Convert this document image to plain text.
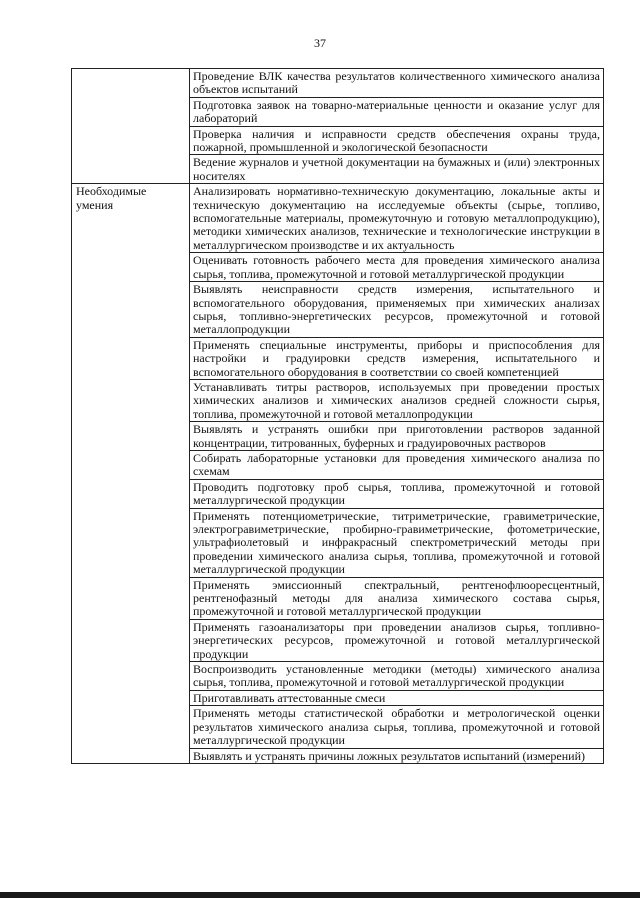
37
	Проведение ВЛК качества результатов количественного химического анализа объектов испытаний
	Подготовка заявок на товарно-материальные ценности и оказание услуг для лабораторий
	Проверка наличия и исправности средств обеспечения охраны труда, пожарной, промышленной и экологической безопасности
	Ведение журналов и учетной документации на бумажных и (или) электронных носителях
Необходимые умения	Анализировать нормативно-техническую документацию, локальные акты и техническую документацию на исследуемые объекты (сырье, топливо, вспомогательные материалы, промежуточную и готовую металлопродукцию), методики химических анализов, технические и технологические инструкции в металлургическом производстве и их актуальность
	Оценивать готовность рабочего места для проведения химического анализа сырья, топлива, промежуточной и готовой металлургической продукции
	Выявлять неисправности средств измерения, испытательного и вспомогательного оборудования, применяемых при химических анализах сырья, топливно-энергетических ресурсов, промежуточной и готовой металлопродукции
	Применять специальные инструменты, приборы и приспособления для настройки и градуировки средств измерения, испытательного и вспомогательного оборудования в соответствии со своей компетенцией
	Устанавливать титры растворов, используемых при проведении простых химических анализов и химических анализов средней сложности сырья, топлива, промежуточной и готовой металлопродукции
	Выявлять и устранять ошибки при приготовлении растворов заданной концентрации, титрованных, буферных и градуировочных растворов
	Собирать лабораторные установки для проведения химического анализа по схемам
	Проводить подготовку проб сырья, топлива, промежуточной и готовой металлургической продукции
	Применять потенциометрические, титриметрические, гравиметрические, электрогравиметрические, пробирно-гравиметрические, фотометрические, ультрафиолетовый и инфракрасный спектрометрический методы при проведении химического анализа сырья, топлива, промежуточной и готовой металлургической продукции
	Применять эмиссионный спектральный, рентгенофлюоресцентный, рентгенофазный методы для анализа химического состава сырья, промежуточной и готовой металлургической продукции
	Применять газоанализаторы при проведении анализов сырья, топливно-энергетических ресурсов, промежуточной и готовой металлургической продукции
	Воспроизводить установленные методики (методы) химического анализа сырья, топлива, промежуточной и готовой металлургической продукции
	Приготавливать аттестованные смеси
	Применять методы статистической обработки и метрологической оценки результатов химического анализа сырья, топлива, промежуточной и готовой металлургической продукции
	Выявлять и устранять причины ложных результатов испытаний (измерений)
